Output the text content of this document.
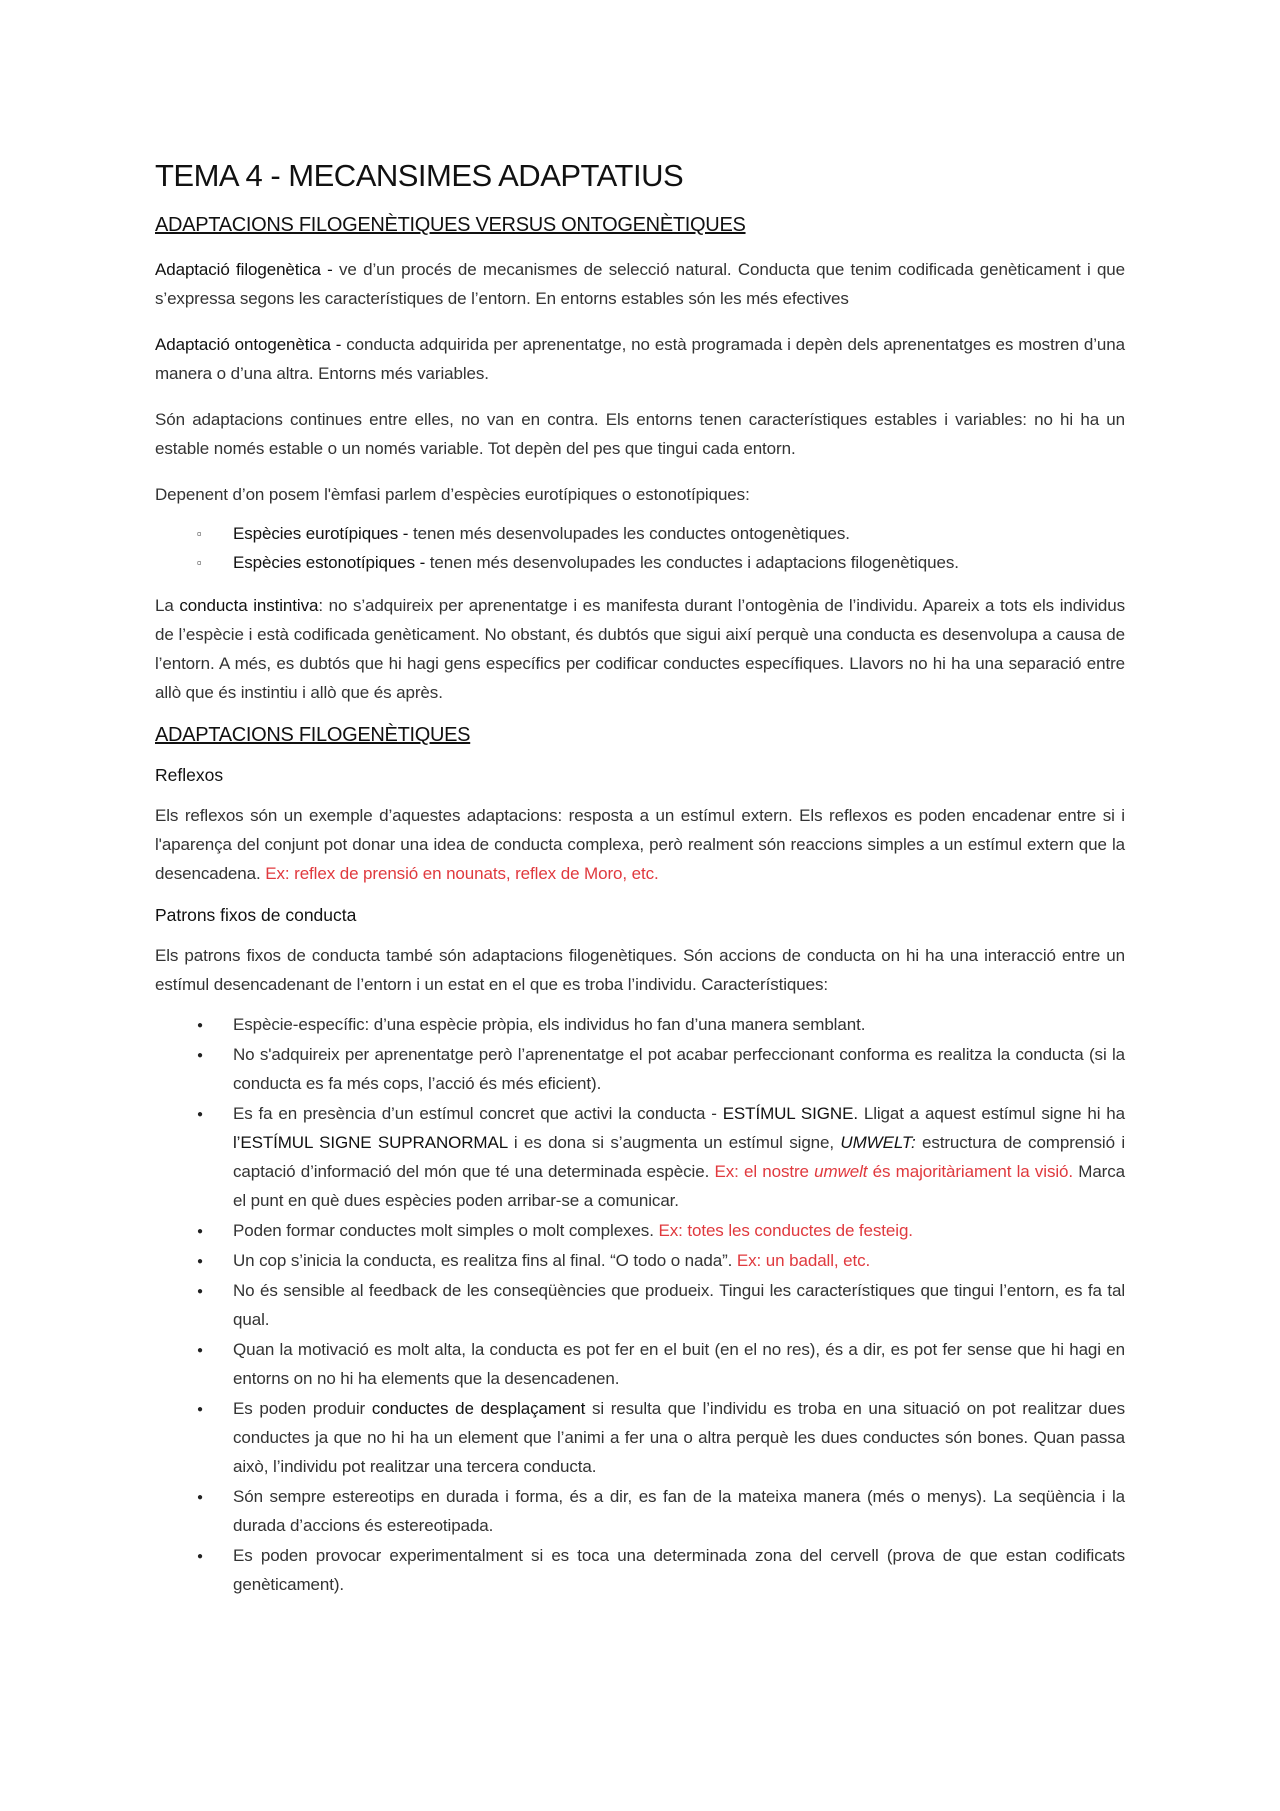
TEMA 4 - MECANSIMES ADAPTATIUS
ADAPTACIONS FILOGENÈTIQUES VERSUS ONTOGENÈTIQUES

Adaptació filogenètica - ve d’un procés de mecanismes de selecció natural. Conducta que tenim codificada genèticament i que s’expressa segons les característiques de l’entorn. En entorns estables són les més efectives

Adaptació ontogenètica - conducta adquirida per aprenentatge, no està programada i depèn dels aprenentatges es mostren d’una manera o d’una altra. Entorns més variables.

Són adaptacions continues entre elles, no van en contra. Els entorns tenen característiques estables i variables: no hi ha un estable només estable o un només variable. Tot depèn del pes que tingui cada entorn.

Depenent d’on posem l'èmfasi parlem d’espècies eurotípiques o estonotípiques:

▫ Espècies eurotípiques - tenen més desenvolupades les conductes ontogenètiques.
▫ Espècies estonotípiques - tenen més desenvolupades les conductes i adaptacions filogenètiques.

La conducta instintiva: no s’adquireix per aprenentatge i es manifesta durant l’ontogènia de l’individu. Apareix a tots els individus de l’espècie i està codificada genèticament. No obstant, és dubtós que sigui així perquè una conducta es desenvolupa a causa de l’entorn. A més, es dubtós que hi hagi gens específics per codificar conductes específiques. Llavors no hi ha una separació entre allò que és instintiu i allò que és après.

ADAPTACIONS FILOGENÈTIQUES
Reflexos

Els reflexos són un exemple d’aquestes adaptacions: resposta a un estímul extern. Els reflexos es poden encadenar entre si i l'aparença del conjunt pot donar una idea de conducta complexa, però realment són reaccions simples a un estímul extern que la desencadena. Ex: reflex de prensió en nounats, reflex de Moro, etc.

Patrons fixos de conducta

Els patrons fixos de conducta també són adaptacions filogenètiques. Són accions de conducta on hi ha una interacció entre un estímul desencadenant de l’entorn i un estat en el que es troba l’individu. Característiques:

● Espècie-específic: d’una espècie pròpia, els individus ho fan d’una manera semblant.
● No s'adquireix per aprenentatge però l’aprenentatge el pot acabar perfeccionant conforma es realitza la conducta (si la conducta es fa més cops, l’acció és més eficient).
● Es fa en presència d’un estímul concret que activi la conducta - ESTÍMUL SIGNE. Lligat a aquest estímul signe hi ha l’ESTÍMUL SIGNE SUPRANORMAL i es dona si s’augmenta un estímul signe, UMWELT: estructura de comprensió i captació d’informació del món que té una determinada espècie. Ex: el nostre umwelt és majoritàriament la visió. Marca el punt en què dues espècies poden arribar-se a comunicar.
● Poden formar conductes molt simples o molt complexes. Ex: totes les conductes de festeig.
● Un cop s’inicia la conducta, es realitza fins al final. “O todo o nada”. Ex: un badall, etc.
● No és sensible al feedback de les conseqüències que produeix. Tingui les característiques que tingui l’entorn, es fa tal qual.
● Quan la motivació es molt alta, la conducta es pot fer en el buit (en el no res), és a dir, es pot fer sense que hi hagi en entorns on no hi ha elements que la desencadenen.
● Es poden produir conductes de desplaçament si resulta que l’individu es troba en una situació on pot realitzar dues conductes ja que no hi ha un element que l’animi a fer una o altra perquè les dues conductes són bones. Quan passa això, l’individu pot realitzar una tercera conducta.
● Són sempre estereotips en durada i forma, és a dir, es fan de la mateixa manera (més o menys). La seqüència i la durada d’accions és estereotipada.
● Es poden provocar experimentalment si es toca una determinada zona del cervell (prova de que estan codificats genèticament).
